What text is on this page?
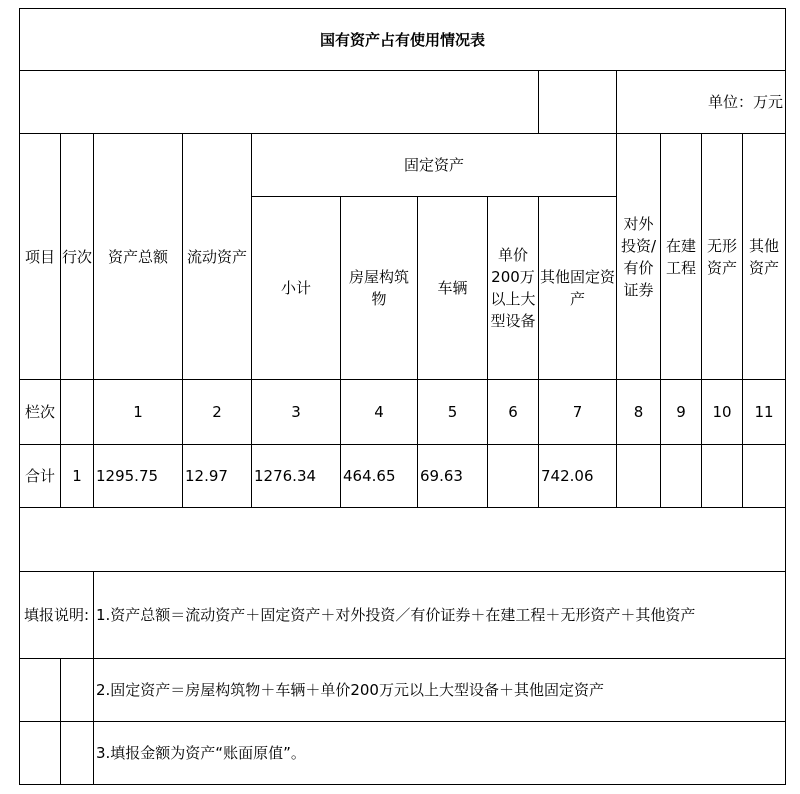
国有资产占有使用情况表												
									单位：万元			
项目	行次	资产总额	流动资产	固定资产					对外投资/有价证券	在建工程	无形资产	其他资产
				小计	房屋构筑物	车辆	单价200万以上大型设备	其他固定资产				
栏次		1	2	3	4	5	6	7	8	9	10	11
合计	1	1295.75	12.97	1276.34	464.65	69.63		742.06				

填报说明:		1.资产总额＝流动资产＋固定资产＋对外投资／有价证券＋在建工程＋无形资产＋其他资产										
		2.固定资产＝房屋构筑物＋车辆＋单价200万元以上大型设备＋其他固定资产										
		3.填报金额为资产“账面原值”。										
